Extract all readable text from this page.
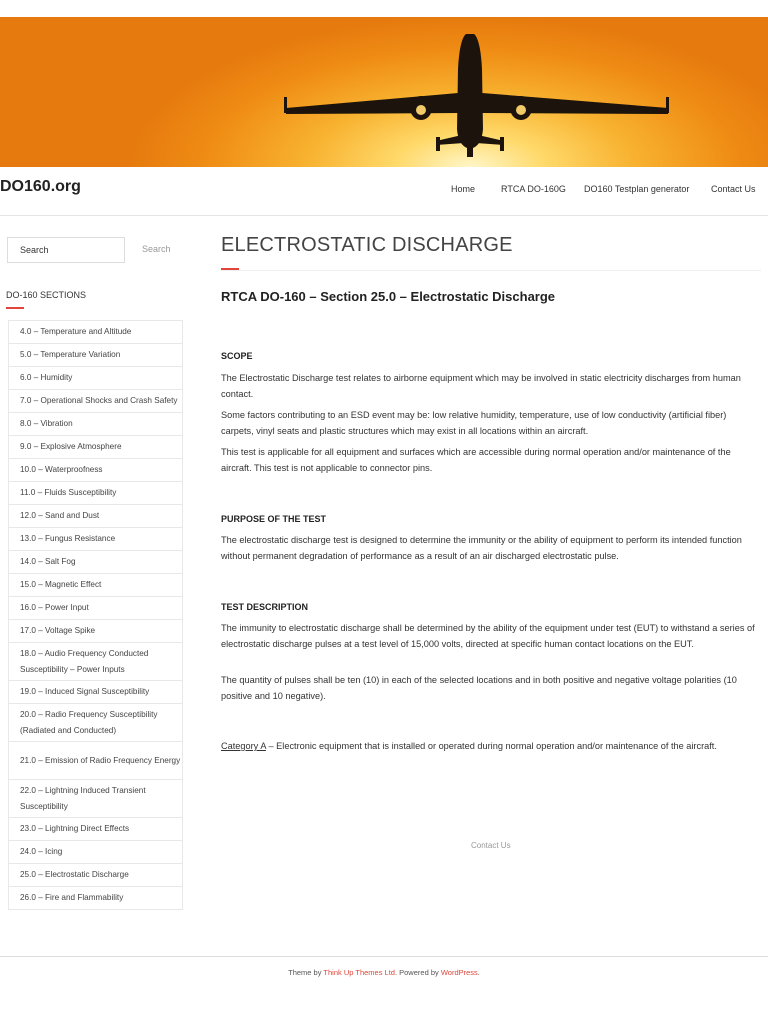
DO160.org	Home	RTCA DO-160G DO160 Testplan generator Contact Us
Search
Search
DO-160 SECTIONS
4.0 – Temperature and Altitude
5.0 – Temperature Variation
6.0 – Humidity
7.0 – Operational Shocks and Crash Safety
8.0 – Vibration
9.0 – Explosive Atmosphere
10.0 – Waterproofness
11.0 – Fluids Susceptibility
12.0 – Sand and Dust
13.0 – Fungus Resistance
14.0 – Salt Fog
15.0 – Magnetic Effect
16.0 – Power Input
17.0 – Voltage Spike
18.0 – Audio Frequency Conducted Susceptibility – Power Inputs
19.0 – Induced Signal Susceptibility
20.0 – Radio Frequency Susceptibility (Radiated and Conducted)
21.0 – Emission of Radio Frequency Energy
22.0 – Lightning Induced Transient Susceptibility
23.0 – Lightning Direct Effects
24.0 – Icing
25.0 – Electrostatic Discharge
26.0 – Fire and Flammability
ELECTROSTATIC DISCHARGE
RTCA DO-160 – Section 25.0 – Electrostatic Discharge
SCOPE
The Electrostatic Discharge test relates to airborne equipment which may be involved in static electricity discharges from human contact.
Some factors contributing to an ESD event may be: low relative humidity, temperature, use of low conductivity (artificial fiber) carpets, vinyl seats and plastic structures which may exist in all locations within an aircraft.
This test is applicable for all equipment and surfaces which are accessible during normal operation and/or maintenance of the aircraft. This test is not applicable to connector pins.
PURPOSE OF THE TEST
The electrostatic discharge test is designed to determine the immunity or the ability of equipment to perform its intended function without permanent degradation of performance as a result of an air discharged electrostatic pulse.
TEST DESCRIPTION
The immunity to electrostatic discharge shall be determined by the ability of the equipment under test (EUT) to withstand a series of electrostatic discharge pulses at a test level of 15,000 volts, directed at specific human contact locations on the EUT.
The quantity of pulses shall be ten (10) in each of the selected locations and in both positive and negative voltage polarities (10 positive and 10 negative).
Category A – Electronic equipment that is installed or operated during normal operation and/or maintenance of the aircraft.
Contact Us
Theme by Think Up Themes Ltd. Powered by WordPress.
